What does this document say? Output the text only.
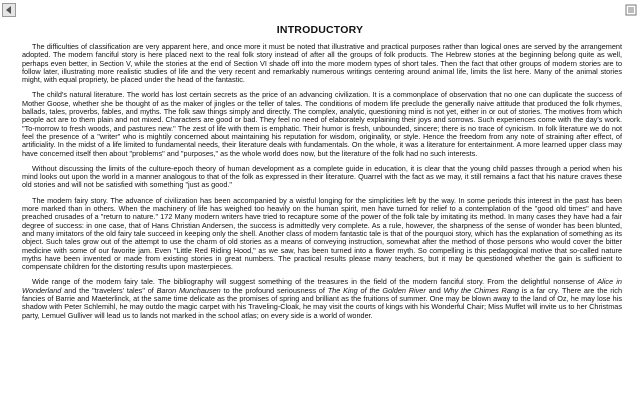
INTRODUCTORY

The difficulties of classification are very apparent here, and once more it must be noted that illustrative and practical purposes rather than logical ones are served by the arrangement adopted. The modern fanciful story is here placed next to the real folk story instead of after all the groups of folk products. The Hebrew stories at the beginning belong quite as well, perhaps even better, in Section V, while the stories at the end of Section VI shade off into the more modern types of short tales. Then the fact that other groups of modern stories are to follow later, illustrating more realistic studies of life and the very recent and remarkably numerous writings centering around animal life, limits the list here. Many of the animal stories might, with equal propriety, be placed under the head of the fantastic.

The child's natural literature. The world has lost certain secrets as the price of an advancing civilization. It is a commonplace of observation that no one can duplicate the success of Mother Goose, whether she be thought of as the maker of jingles or the teller of tales. The conditions of modern life preclude the generally naive attitude that produced the folk rhymes, ballads, tales, proverbs, fables, and myths. The folk saw things simply and directly. The complex, analytic, questioning mind is not yet, either in or out of stories. The motives from which people act are to them plain and not mixed. Characters are good or bad. They feel no need of elaborately explaining their joys and sorrows. Such experiences come with the day's work. "To-morrow to fresh woods, and pastures new." The zest of life with them is emphatic. Their humor is fresh, unbounded, sincere; there is no trace of cynicism. In folk literature we do not feel the presence of a "writer" who is mightily concerned about maintaining his reputation for wisdom, originality, or style. Hence the freedom from any note of straining after effect, of artificiality. In the midst of a life limited to fundamental needs, their literature deals with fundamentals. On the whole, it was a literature for entertainment. A more learned upper class may have concerned itself then about "problems" and "purposes," as the whole world does now, but the literature of the folk had no such interests.

Without discussing the limits of the culture-epoch theory of human development as a complete guide in education, it is clear that the young child passes through a period when his mind looks out upon the world in a manner analogous to that of the folk as expressed in their literature. Quarrel with the fact as we may, it still remains a fact that his nature craves these old stories and will not be satisfied with something "just as good."

The modern fairy story. The advance of civilization has been accompanied by a wistful longing for the simplicities left by the way. In some periods this interest in the past has been more marked than in others. When the machinery of life has weighed too heavily on the human spirit, men have turned for relief to a contemplation of the "good old times" and have preached crusades of a "return to nature." 172 Many modern writers have tried to recapture some of the power of the folk tale by imitating its method. In many cases they have had a fair degree of success: in one case, that of Hans Christian Andersen, the success is admittedly very complete. As a rule, however, the sharpness of the sense of wonder has been blunted, and many imitators of the old fairy tale succeed in keeping only the shell. Another class of modern fantastic tale is that of the pourquoi story, which has the explanation of something as its object. Such tales grow out of the attempt to use the charm of old stories as a means of conveying instruction, somewhat after the method of those persons who would cover the bitter medicine with some of our favorite jam. Even "Little Red Riding Hood," as we saw, has been turned into a flower myth. So compelling is this pedagogical motive that so-called nature myths have been invented or made from existing stories in great numbers. The practical results please many teachers, but it may be questioned whether the gain is sufficient to compensate children for the distorting results upon masterpieces.

Wide range of the modern fairy tale. The bibliography will suggest something of the treasures in the field of the modern fanciful story. From the delightful nonsense of Alice in Wonderland and the "travelers' tales" of Baron Munchausen to the profound seriousness of The King of the Golden River and Why the Chimes Rang is a far cry. There are the rich fancies of Barrie and Maeterlinck, at the same time delicate as the promises of spring and brilliant as the fruitions of summer. One may be blown away to the land of Oz, he may lose his shadow with Peter Schlemihl, he may outdo the magic carpet with his Traveling-Cloak, he may visit the courts of kings with his Wonderful Chair; Miss Muffet will invite us to her Christmas party, Lemuel Gulliver will lead us to lands not marked in the school atlas; on every side is a world of wonder.
